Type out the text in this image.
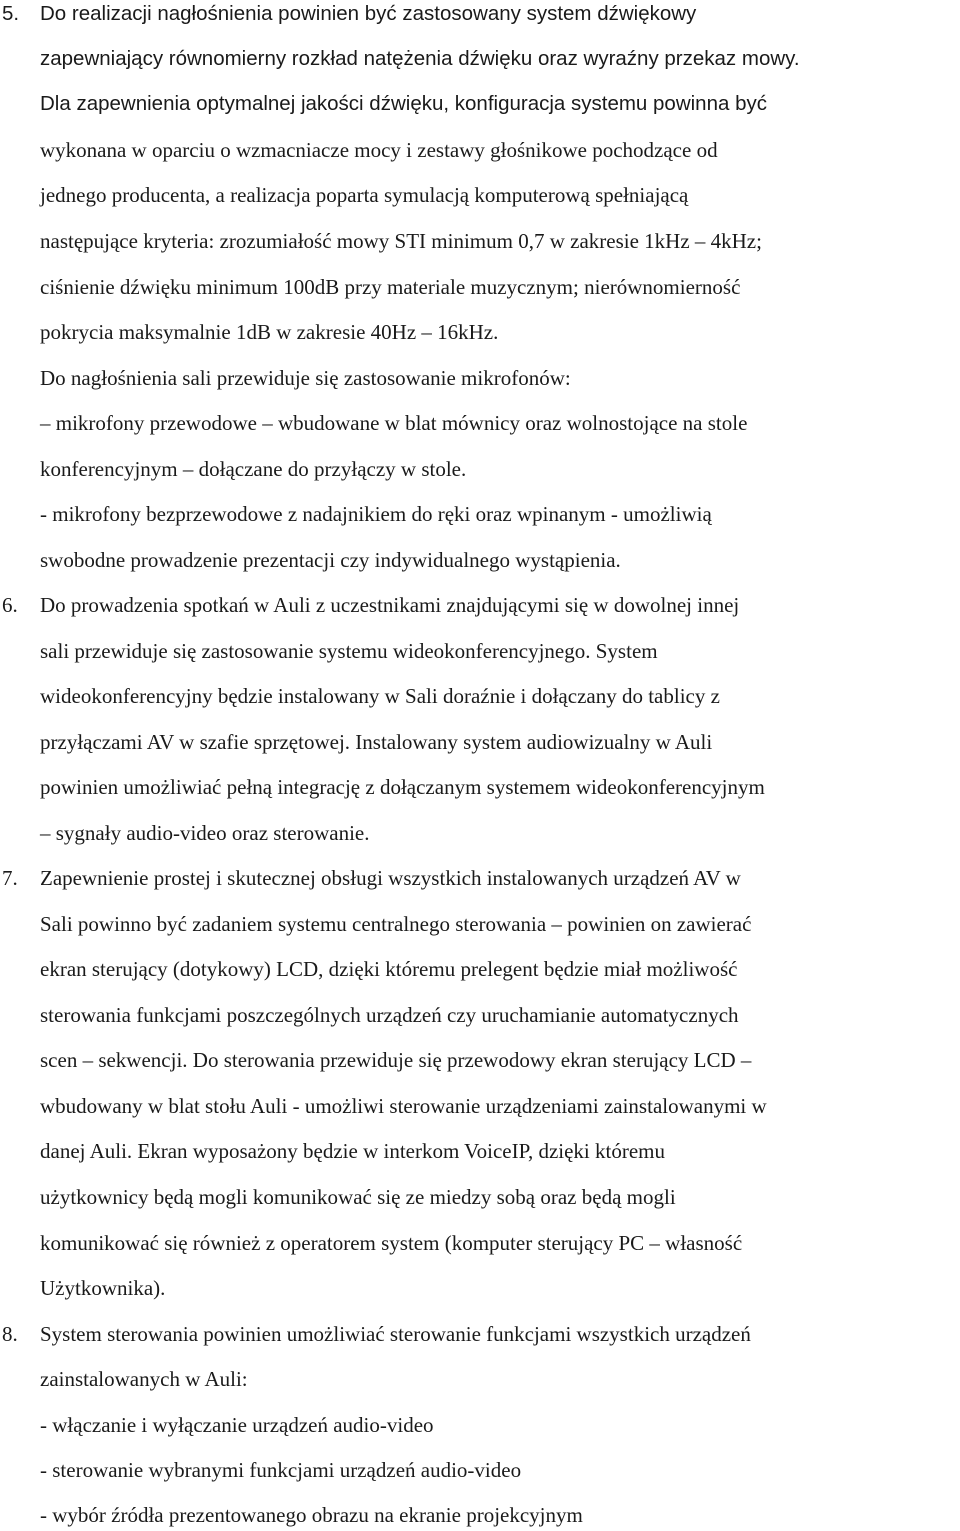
5. Do realizacji nagłośnienia powinien być zastosowany system dźwiękowy
zapewniający równomierny rozkład natężenia dźwięku oraz wyraźny przekaz mowy.
Dla zapewnienia optymalnej jakości dźwięku, konfiguracja systemu powinna być
wykonana w oparciu o wzmacniacze mocy i zestawy głośnikowe pochodzące od
jednego producenta, a realizacja poparta symulacją komputerową spełniającą
następujące kryteria: zrozumiałość mowy STI minimum 0,7 w zakresie 1kHz – 4kHz;
ciśnienie dźwięku minimum 100dB przy materiale muzycznym; nierównomierność
pokrycia maksymalnie 1dB w zakresie 40Hz – 16kHz.
Do nagłośnienia sali przewiduje się zastosowanie mikrofonów:
– mikrofony przewodowe – wbudowane w blat mównicy oraz wolnostojące na stole
konferencyjnym – dołączane do przyłączy w stole.
- mikrofony bezprzewodowe z nadajnikiem do ręki oraz wpinanym - umożliwią
swobodne prowadzenie prezentacji czy indywidualnego wystąpienia.
6. Do prowadzenia spotkań w Auli z uczestnikami znajdującymi się w dowolnej innej
sali przewiduje się zastosowanie systemu wideokonferencyjnego. System
wideokonferencyjny będzie instalowany w Sali doraźnie i dołączany do tablicy z
przyłączami AV w szafie sprzętowej. Instalowany system audiowizualny w Auli
powinien umożliwiać pełną integrację z dołączanym systemem wideokonferencyjnym
– sygnały audio-video oraz sterowanie.
7. Zapewnienie prostej i skutecznej obsługi wszystkich instalowanych urządzeń AV w
Sali powinno być zadaniem systemu centralnego sterowania – powinien on zawierać
ekran sterujący (dotykowy) LCD, dzięki któremu prelegent będzie miał możliwość
sterowania funkcjami poszczególnych urządzeń czy uruchamianie automatycznych
scen – sekwencji. Do sterowania przewiduje się przewodowy ekran sterujący LCD –
wbudowany w blat stołu Auli - umożliwi sterowanie urządzeniami zainstalowanymi w
danej Auli. Ekran wyposażony będzie w interkom VoiceIP, dzięki któremu
użytkownicy będą mogli komunikować się ze miedzy sobą oraz będą mogli
komunikować się również z operatorem system (komputer sterujący PC – własność
Użytkownika).
8. System sterowania powinien umożliwiać sterowanie funkcjami wszystkich urządzeń
zainstalowanych w Auli:
- włączanie i wyłączanie urządzeń audio-video
- sterowanie wybranymi funkcjami urządzeń audio-video
- wybór źródła prezentowanego obrazu na ekranie projekcyjnym
